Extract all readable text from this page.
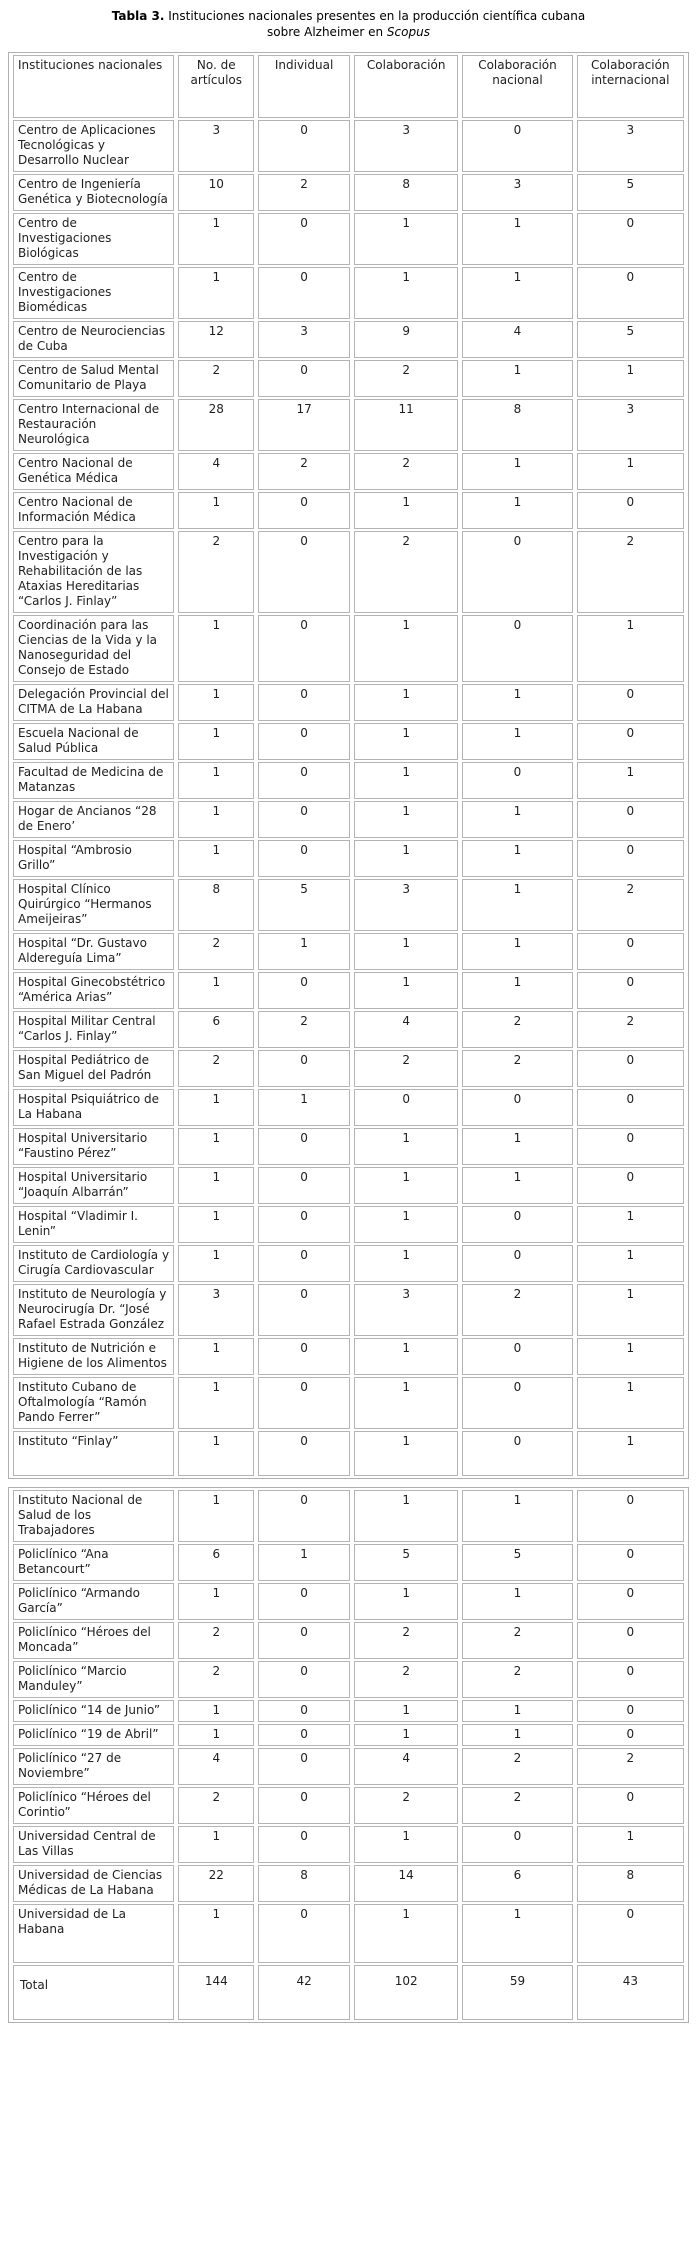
Tabla 3. Instituciones nacionales presentes en la producción científica cubana
sobre Alzheimer en Scopus
Instituciones nacionales	No. de artículos	Individual	Colaboración	Colaboración nacional	Colaboración internacional
Centro de Aplicaciones Tecnológicas y Desarrollo Nuclear	3	0	3	0	3
Centro de Ingeniería Genética y Biotecnología	10	2	8	3	5
Centro de Investigaciones Biológicas	1	0	1	1	0
Centro de Investigaciones Biomédicas	1	0	1	1	0
Centro de Neurociencias de Cuba	12	3	9	4	5
Centro de Salud Mental Comunitario de Playa	2	0	2	1	1
Centro Internacional de Restauración Neurológica	28	17	11	8	3
Centro Nacional de Genética Médica	4	2	2	1	1
Centro Nacional de Información Médica	1	0	1	1	0
Centro para la Investigación y Rehabilitación de las Ataxias Hereditarias “Carlos J. Finlay”	2	0	2	0	2
Coordinación para las Ciencias de la Vida y la Nanoseguridad del Consejo de Estado	1	0	1	0	1
Delegación Provincial del CITMA de La Habana	1	0	1	1	0
Escuela Nacional de Salud Pública	1	0	1	1	0
Facultad de Medicina de Matanzas	1	0	1	0	1
Hogar de Ancianos “28 de Enero’	1	0	1	1	0
Hospital “Ambrosio Grillo”	1	0	1	1	0
Hospital Clínico Quirúrgico “Hermanos Ameijeiras”	8	5	3	1	2
Hospital “Dr. Gustavo Aldereguía Lima”	2	1	1	1	0
Hospital Ginecobstétrico “América Arias”	1	0	1	1	0
Hospital Militar Central “Carlos J. Finlay”	6	2	4	2	2
Hospital Pediátrico de San Miguel del Padrón	2	0	2	2	0
Hospital Psiquiátrico de La Habana	1	1	0	0	0
Hospital Universitario “Faustino Pérez”	1	0	1	1	0
Hospital Universitario “Joaquín Albarrán”	1	0	1	1	0
Hospital “Vladimir I. Lenin”	1	0	1	0	1
Instituto de Cardiología y Cirugía Cardiovascular	1	0	1	0	1
Instituto de Neurología y Neurocirugía Dr. “José Rafael Estrada González	3	0	3	2	1
Instituto de Nutrición e Higiene de los Alimentos	1	0	1	0	1
Instituto Cubano de Oftalmología “Ramón Pando Ferrer”	1	0	1	0	1
Instituto “Finlay”	1	0	1	0	1
Instituto Nacional de Salud de los Trabajadores	1	0	1	1	0
Policlínico “Ana Betancourt”	6	1	5	5	0
Policlínico “Armando García”	1	0	1	1	0
Policlínico “Héroes del Moncada”	2	0	2	2	0
Policlínico “Marcio Manduley”	2	0	2	2	0
Policlínico “14 de Junio”	1	0	1	1	0
Policlínico “19 de Abril”	1	0	1	1	0
Policlínico “27 de Noviembre”	4	0	4	2	2
Policlínico “Héroes del Corintio”	2	0	2	2	0
Universidad Central de Las Villas	1	0	1	0	1
Universidad de Ciencias Médicas de La Habana	22	8	14	6	8
Universidad de La Habana	1	0	1	1	0
Total	144	42	102	59	43
